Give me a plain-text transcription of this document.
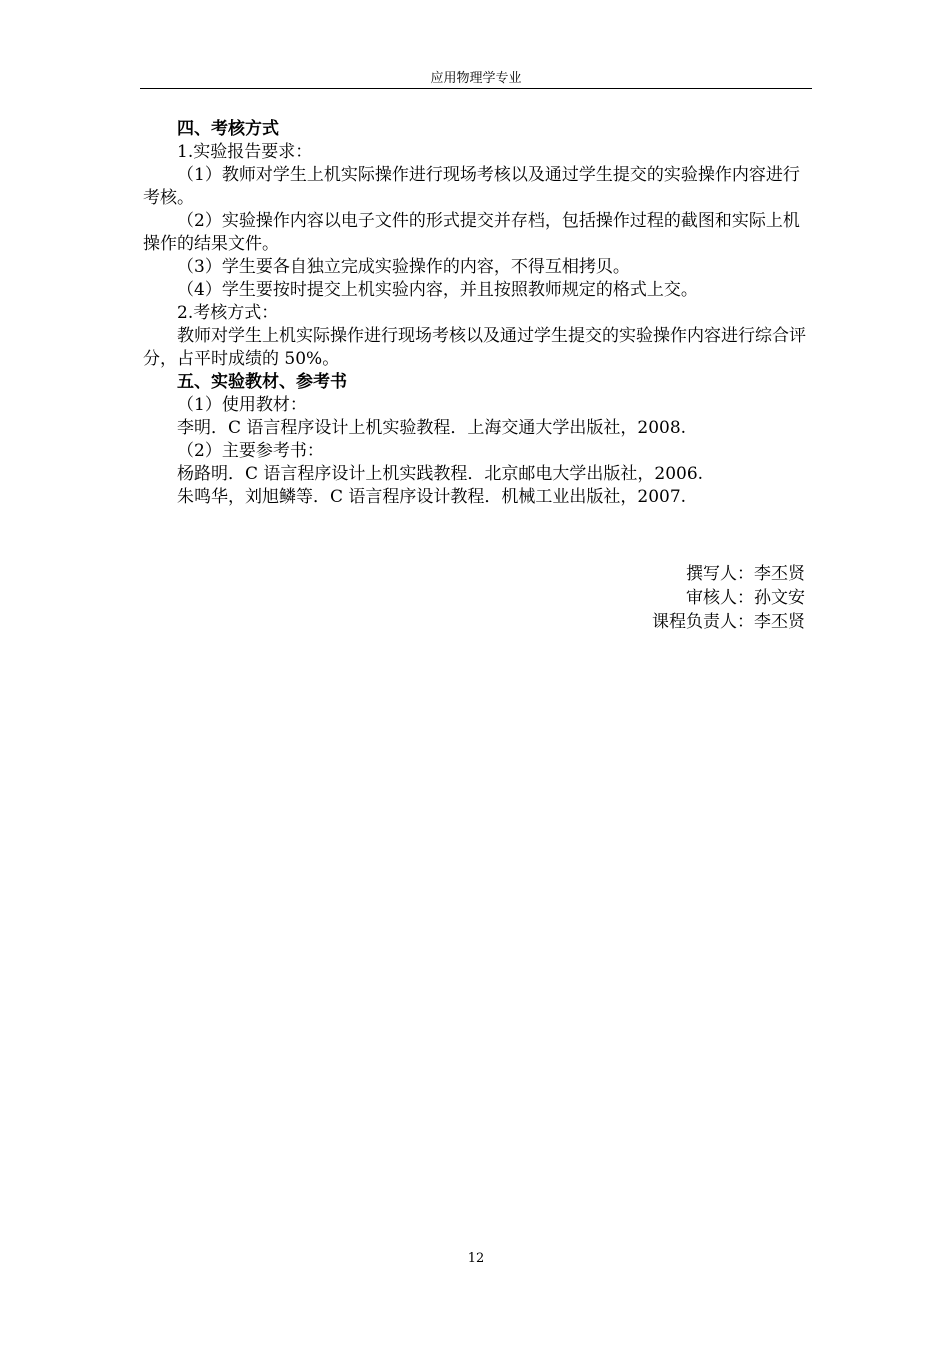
应用物理学专业

四、考核方式

1.实验报告要求：

（1）教师对学生上机实际操作进行现场考核以及通过学生提交的实验操作内容进行考核。

（2）实验操作内容以电子文件的形式提交并存档，包括操作过程的截图和实际上机操作的结果文件。

（3）学生要各自独立完成实验操作的内容，不得互相拷贝。

（4）学生要按时提交上机实验内容，并且按照教师规定的格式上交。

2.考核方式：

教师对学生上机实际操作进行现场考核以及通过学生提交的实验操作内容进行综合评分，占平时成绩的 50%。

五、实验教材、参考书

（1）使用教材：

李明．C 语言程序设计上机实验教程．上海交通大学出版社，2008.

（2）主要参考书：

杨路明．C 语言程序设计上机实践教程．北京邮电大学出版社，2006.

朱鸣华，刘旭鳞等．C 语言程序设计教程．机械工业出版社，2007.

撰写人：李丕贤

审核人：孙文安

课程负责人：李丕贤

12
